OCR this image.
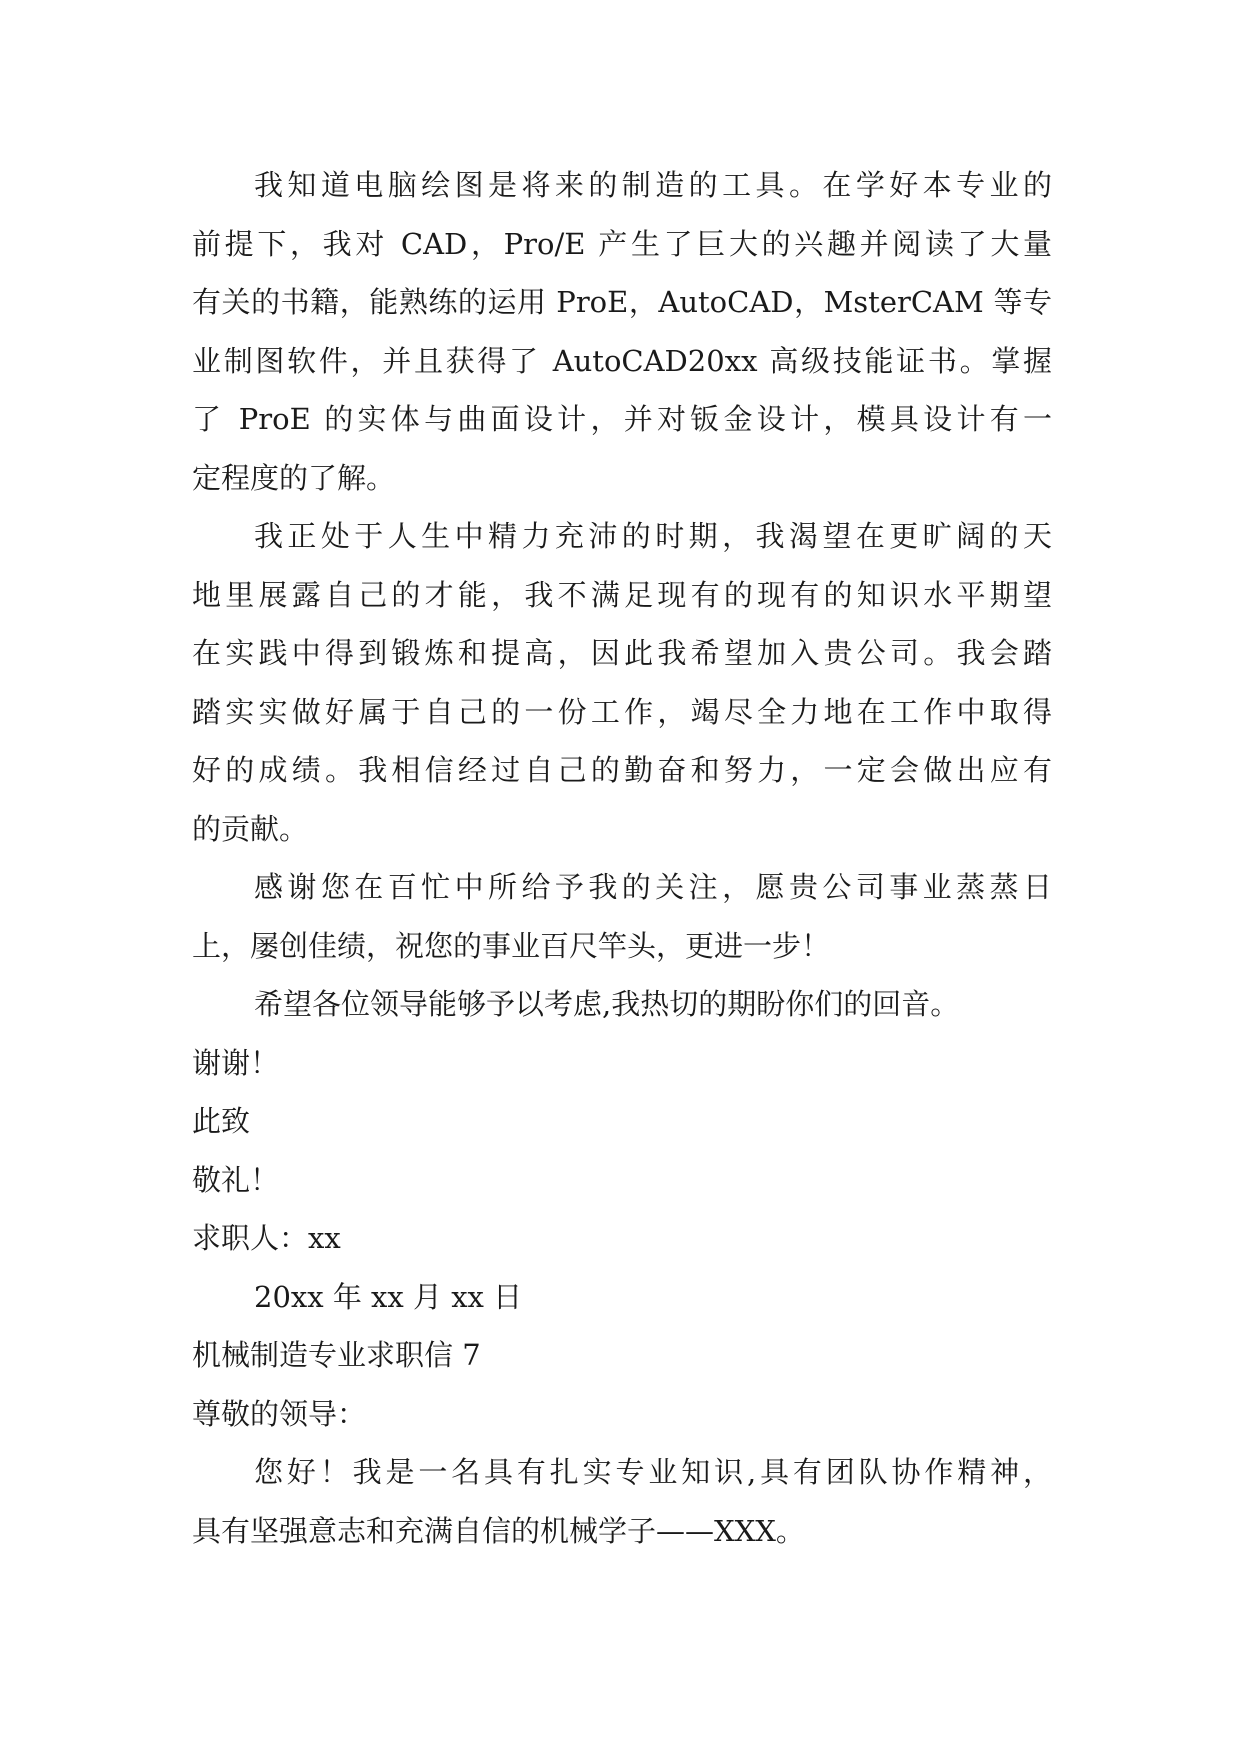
我知道电脑绘图是将来的制造的工具。在学好本专业的
前提下，我对 CAD，Pro/E 产生了巨大的兴趣并阅读了大量
有关的书籍，能熟练的运用 ProE，AutoCAD，MsterCAM 等专
业制图软件，并且获得了 AutoCAD20xx 高级技能证书。掌握
了 ProE 的实体与曲面设计，并对钣金设计，模具设计有一
定程度的了解。
我正处于人生中精力充沛的时期，我渴望在更旷阔的天
地里展露自己的才能，我不满足现有的现有的知识水平期望
在实践中得到锻炼和提高，因此我希望加入贵公司。我会踏
踏实实做好属于自己的一份工作，竭尽全力地在工作中取得
好的成绩。我相信经过自己的勤奋和努力，一定会做出应有
的贡献。
感谢您在百忙中所给予我的关注，愿贵公司事业蒸蒸日
上，屡创佳绩，祝您的事业百尺竿头，更进一步！
希望各位领导能够予以考虑,我热切的期盼你们的回音。
谢谢！
此致
敬礼！
求职人：xx
20xx 年 xx 月 xx 日
机械制造专业求职信 7
尊敬的领导：
您好！我是一名具有扎实专业知识,具有团队协作精神，
具有坚强意志和充满自信的机械学子——XXX。
